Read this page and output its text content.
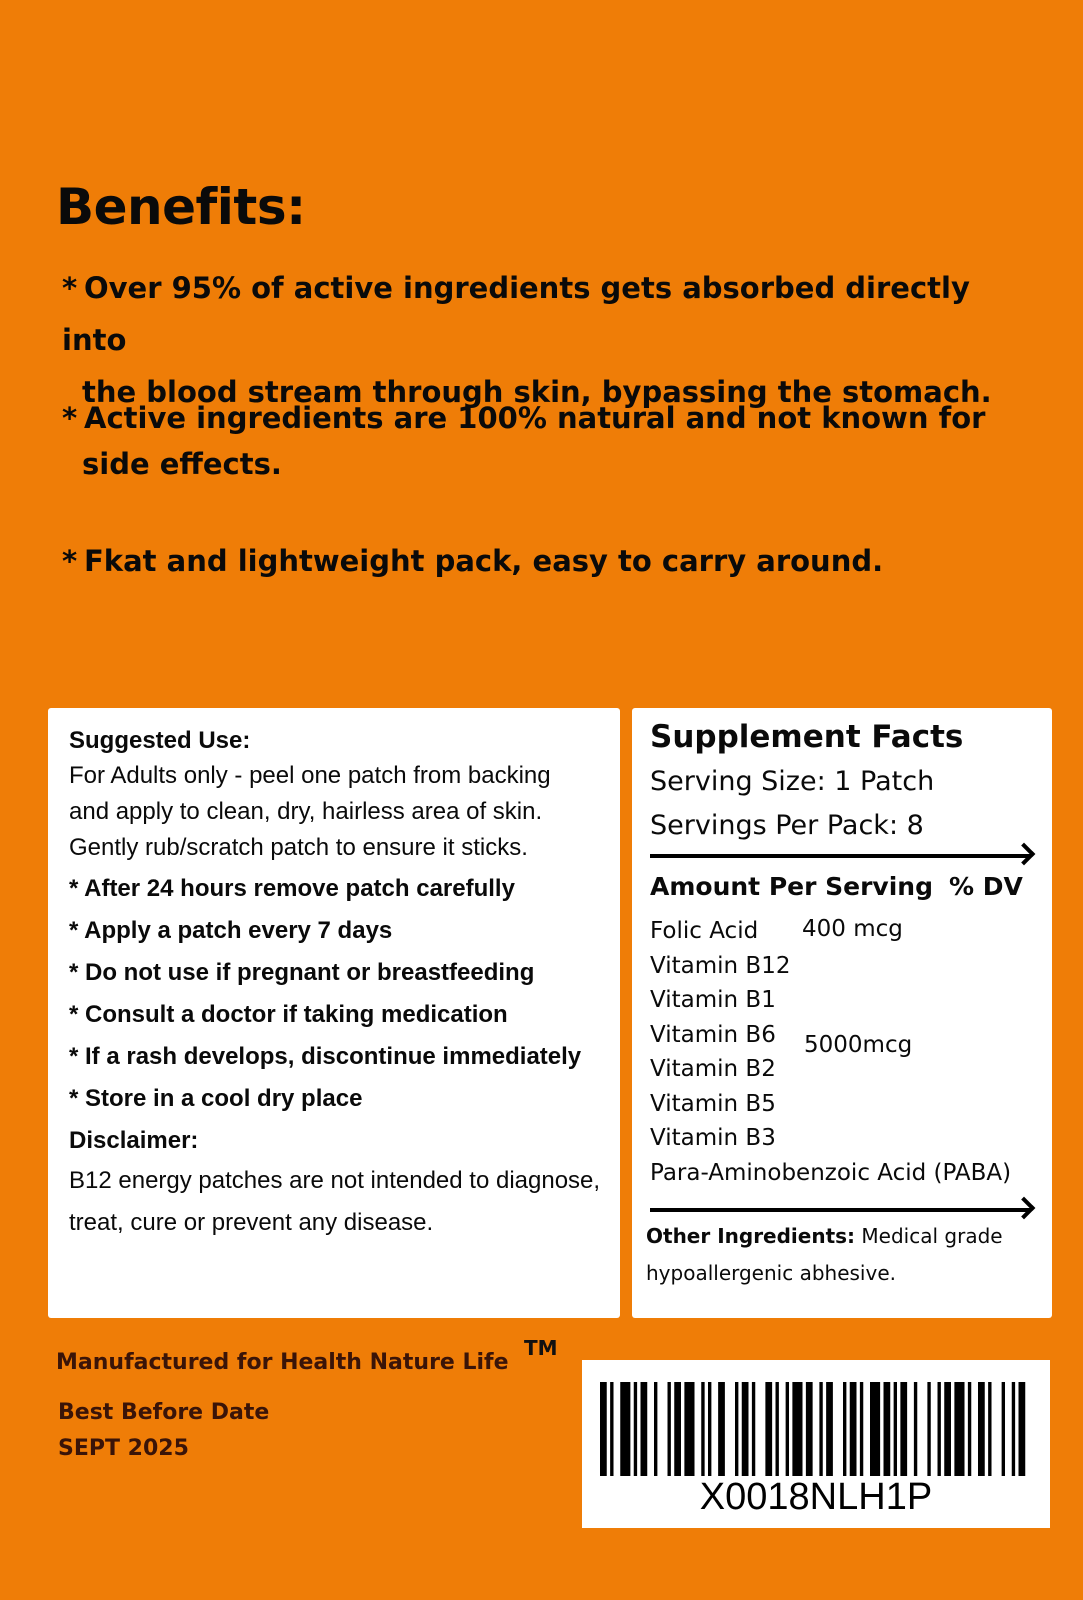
Benefits:

* Over 95% of active ingredients gets absorbed directly into
the blood stream through skin, bypassing the stomach.

* Active ingredients are 100% natural and not known for
side effects.

* Fkat and lightweight pack, easy to carry around.

Suggested Use:

For Adults only - peel one patch from backing and apply to clean, dry, hairless area of skin. Gently rub/scratch patch to ensure it sticks.

* After 24 hours remove patch carefully

* Apply a patch every 7 days

* Do not use if pregnant or breastfeeding

* Consult a doctor if taking medication

* If a rash develops, discontinue immediately

* Store in a cool dry place

Disclaimer:

B12 energy patches are not intended to diagnose, treat, cure or prevent any disease.

Supplement Facts

Serving Size: 1 Patch

Servings Per Pack: 8

Amount Per Serving % DV

Folic Acid

Vitamin B12

Vitamin B1

Vitamin B6

Vitamin B2

Vitamin B5

Vitamin B3

Para-Aminobenzoic Acid (PABA)

400 mcg
5000mcg

Other Ingredients: Medical grade hypoallergenic abhesive.

Manufactured for Health Nature Life

TM

Best Before Date

SEPT 2025

X0018NLH1P
